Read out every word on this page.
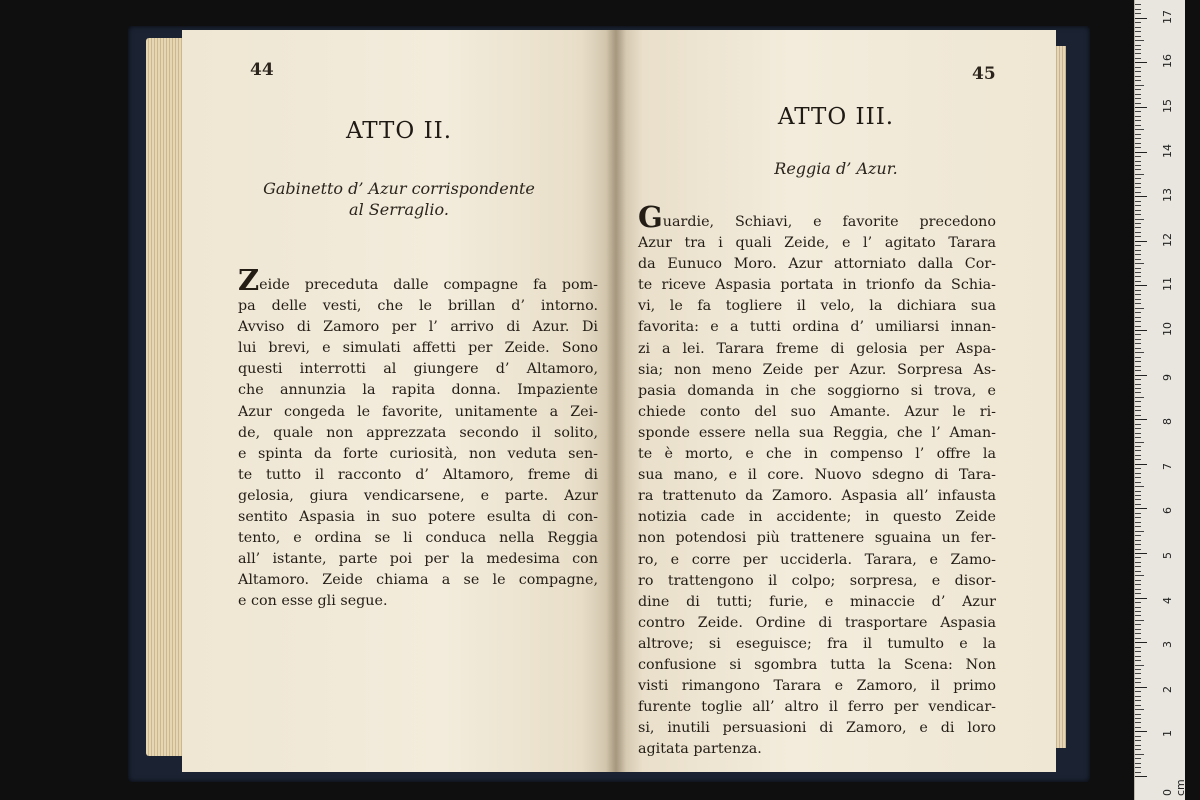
44
ATTO II.
Gabinetto d’ Azur corrispondente
al Serraglio.
Zeide preceduta dalle compagne fa pom-
pa delle vesti, che le brillan d’ intorno.
Avviso di Zamoro per l’ arrivo di Azur. Di
lui brevi, e simulati affetti per Zeide. Sono
questi interrotti al giungere d’ Altamoro,
che annunzia la rapita donna. Impaziente
Azur congeda le favorite, unitamente a Zei-
de, quale non apprezzata secondo il solito,
e spinta da forte curiosità, non veduta sen-
te tutto il racconto d’ Altamoro, freme di
gelosia, giura vendicarsene, e parte. Azur
sentito Aspasia in suo potere esulta di con-
tento, e ordina se li conduca nella Reggia
all’ istante, parte poi per la medesima con
Altamoro. Zeide chiama a se le compagne,
e con esse gli segue.
45
ATTO III.
Reggia d’ Azur.
Guardie, Schiavi, e favorite precedono
Azur tra i quali Zeide, e l’ agitato Tarara
da Eunuco Moro. Azur attorniato dalla Cor-
te riceve Aspasia portata in trionfo da Schia-
vi, le fa togliere il velo, la dichiara sua
favorita: e a tutti ordina d’ umiliarsi innan-
zi a lei. Tarara freme di gelosia per Aspa-
sia; non meno Zeide per Azur. Sorpresa As-
pasia domanda in che soggiorno si trova, e
chiede conto del suo Amante. Azur le ri-
sponde essere nella sua Reggia, che l’ Aman-
te è morto, e che in compenso l’ offre la
sua mano, e il core. Nuovo sdegno di Tara-
ra trattenuto da Zamoro. Aspasia all’ infausta
notizia cade in accidente; in questo Zeide
non potendosi più trattenere sguaina un fer-
ro, e corre per ucciderla. Tarara, e Zamo-
ro trattengono il colpo; sorpresa, e disor-
dine di tutti; furie, e minaccie d’ Azur
contro Zeide. Ordine di trasportare Aspasia
altrove; si eseguisce; fra il tumulto e la
confusione si sgombra tutta la Scena: Non
visti rimangono Tarara e Zamoro, il primo
furente toglie all’ altro il ferro per vendicar-
si, inutili persuasioni di Zamoro, e di loro
agitata partenza.
0 cm
1
2
3
4
5
6
7
8
9
10
11
12
13
14
15
16
17
